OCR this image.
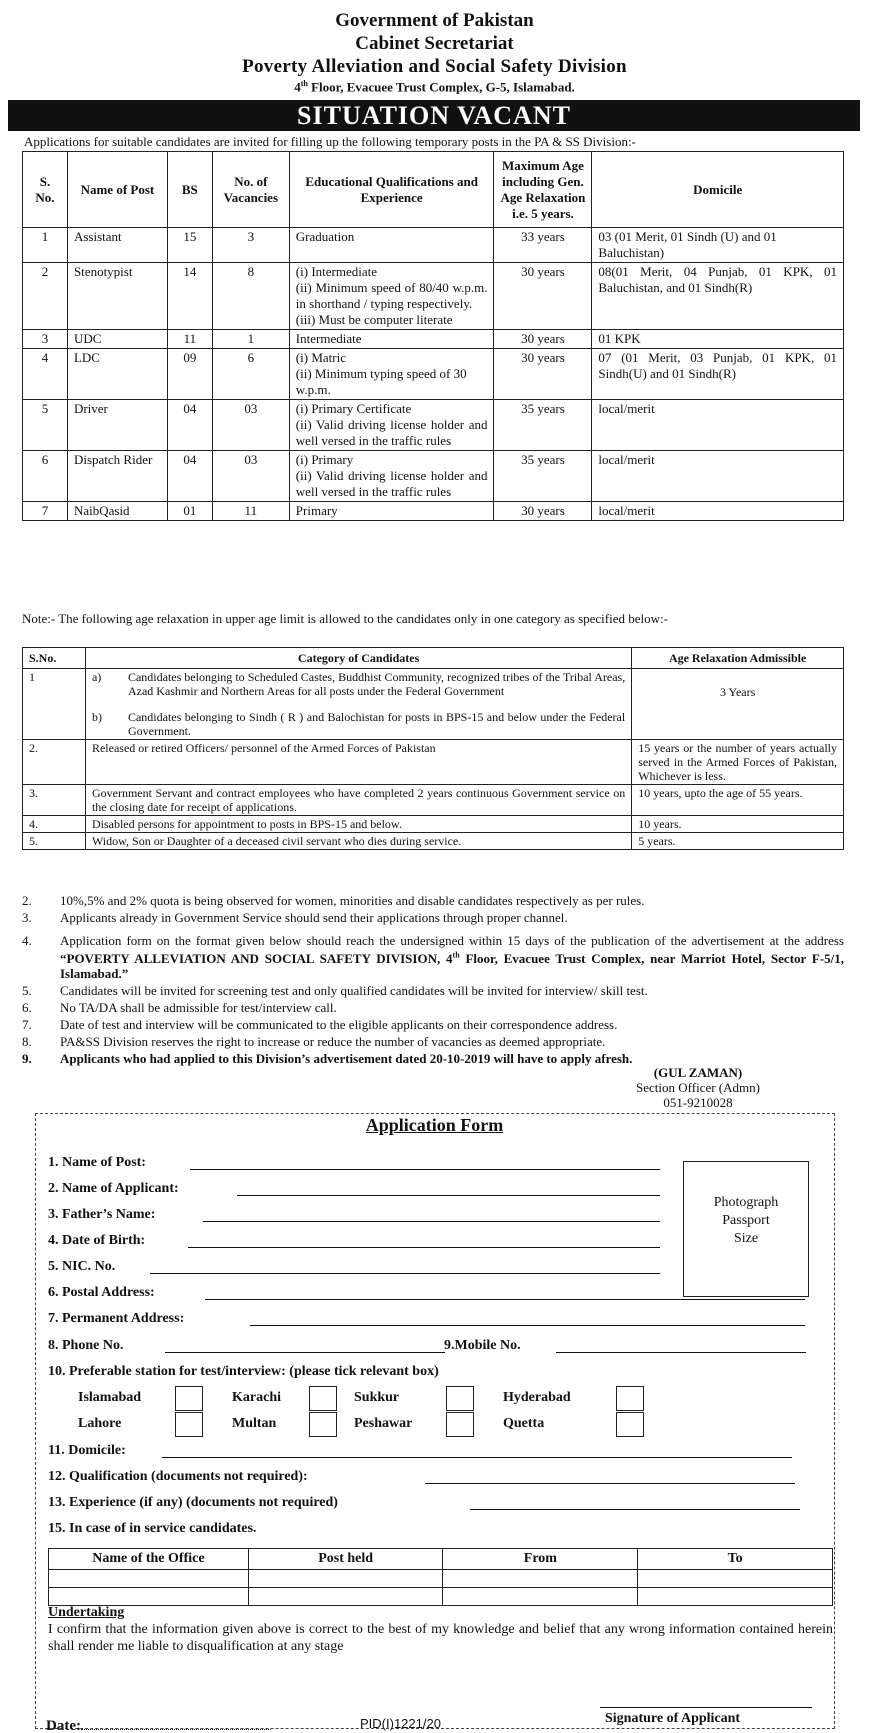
Government of Pakistan
Cabinet Secretariat
Poverty Alleviation and Social Safety Division
4th Floor, Evacuee Trust Complex, G-5, Islamabad.
SITUATION VACANT
Applications for suitable candidates are invited for filling up the following temporary posts in the PA & SS Division:-
S. No.	Name of Post	BS	No. of Vacancies	Educational Qualifications and Experience	Maximum Age including Gen. Age Relaxation i.e. 5 years.	Domicile
1	Assistant	15	3	Graduation	33 years	03 (01 Merit, 01 Sindh (U) and 01 Baluchistan)
2	Stenotypist	14	8	(i) Intermediate
(ii) Minimum speed of 80/40 w.p.m. in shorthand / typing respectively.
(iii) Must be computer literate	30 years	08(01 Merit, 04 Punjab, 01 KPK, 01 Baluchistan, and 01 Sindh(R)
3	UDC	11	1	Intermediate	30 years	01 KPK
4	LDC	09	6	(i) Matric
(ii) Minimum typing speed of 30 w.p.m.	30 years	07 (01 Merit, 03 Punjab, 01 KPK, 01 Sindh(U) and 01 Sindh(R)
5	Driver	04	03	(i) Primary Certificate
(ii) Valid driving license holder and well versed in the traffic rules	35 years	local/merit
6	Dispatch Rider	04	03	(i) Primary
(ii) Valid driving license holder and well versed in the traffic rules	35 years	local/merit
7	NaibQasid	01	11	Primary	30 years	local/merit
Note:- The following age relaxation in upper age limit is allowed to the candidates only in one category as specified below:-
S.No.	Category of Candidates	Age Relaxation Admissible
1	a) Candidates belonging to Scheduled Castes, Buddhist Community, recognized tribes of the Tribal Areas, Azad Kashmir and Northern Areas for all posts under the Federal Government
b) Candidates belonging to Sindh ( R ) and Balochistan for posts in BPS-15 and below under the Federal Government.	3 Years
2.	Released or retired Officers/ personnel of the Armed Forces of Pakistan	15 years or the number of years actually served in the Armed Forces of Pakistan, Whichever is less.
3.	Government Servant and contract employees who have completed 2 years continuous Government service on the closing date for receipt of applications.	10 years, upto the age of 55 years.
4.	Disabled persons for appointment to posts in BPS-15 and below.	10 years.
5.	Widow, Son or Daughter of a deceased civil servant who dies during service.	5 years.
2. 10%,5% and 2% quota is being observed for women, minorities and disable candidates respectively as per rules.
3. Applicants already in Government Service should send their applications through proper channel.
4. Application form on the format given below should reach the undersigned within 15 days of the publication of the advertisement at the address “POVERTY ALLEVIATION AND SOCIAL SAFETY DIVISION, 4th Floor, Evacuee Trust Complex, near Marriot Hotel, Sector F-5/1, Islamabad.”
5. Candidates will be invited for screening test and only qualified candidates will be invited for interview/ skill test.
6. No TA/DA shall be admissible for test/interview call.
7. Date of test and interview will be communicated to the eligible applicants on their correspondence address.
8. PA&SS Division reserves the right to increase or reduce the number of vacancies as deemed appropriate.
9. Applicants who had applied to this Division’s advertisement dated 20-10-2019 will have to apply afresh.
(GUL ZAMAN)
Section Officer (Admn)
051-9210028
Application Form
1. Name of Post:
2. Name of Applicant:
3. Father’s Name:
4. Date of Birth:
5. NIC. No.
Photograph
Passport
Size
6. Postal Address:
7. Permanent Address:
8. Phone No.	9.Mobile No.
10. Preferable station for test/interview: (please tick relevant box)
Islamabad	Karachi	Sukkur	Hyderabad
Lahore	Multan	Peshawar	Quetta
11. Domicile:
12. Qualification (documents not required):
13. Experience (if any) (documents not required)
15. In case of in service candidates.
Name of the Office	Post held	From	To

Undertaking
I confirm that the information given above is correct to the best of my knowledge and belief that any wrong information contained herein shall render me liable to disqualification at any stage
Signature of Applicant
Date:	PID(I)1221/20
